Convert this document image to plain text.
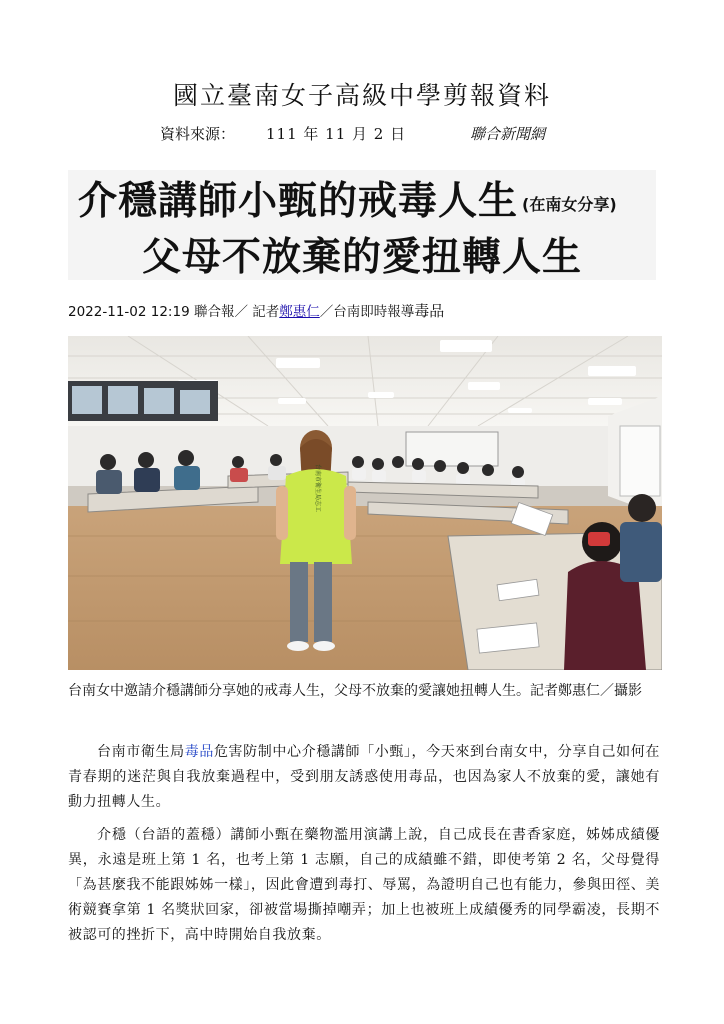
國立臺南女子高級中學剪報資料
資料來源： 111 年 11 月 2 日	聯合新聞網
介穩講師小甄的戒毒人生 (在南女分享)
父母不放棄的愛扭轉人生
2022-11-02 12:19 聯合報／ 記者鄭惠仁／台南即時報導毒品
台南市衛生局志工
台南女中邀請介穩講師分享她的戒毒人生，父母不放棄的愛讓她扭轉人生。記者鄭惠仁／攝影
台南市衛生局毒品危害防制中心介穩講師「小甄」，今天來到台南女中，分享自己如何在青春期的迷茫與自我放棄過程中，受到朋友誘惑使用毒品，也因為家人不放棄的愛，讓她有動力扭轉人生。
介穩（台語的蓋穩）講師小甄在藥物濫用演講上說，自己成長在書香家庭，姊姊成績優異，永遠是班上第 1 名，也考上第 1 志願，自己的成績雖不錯，即使考第 2 名，父母覺得「為甚麼我不能跟姊姊一樣」，因此會遭到毒打、辱罵，為證明自己也有能力，參與田徑、美術競賽拿第 1 名獎狀回家，卻被當場撕掉嘲弄；加上也被班上成績優秀的同學霸凌，長期不被認可的挫折下，高中時開始自我放棄。
